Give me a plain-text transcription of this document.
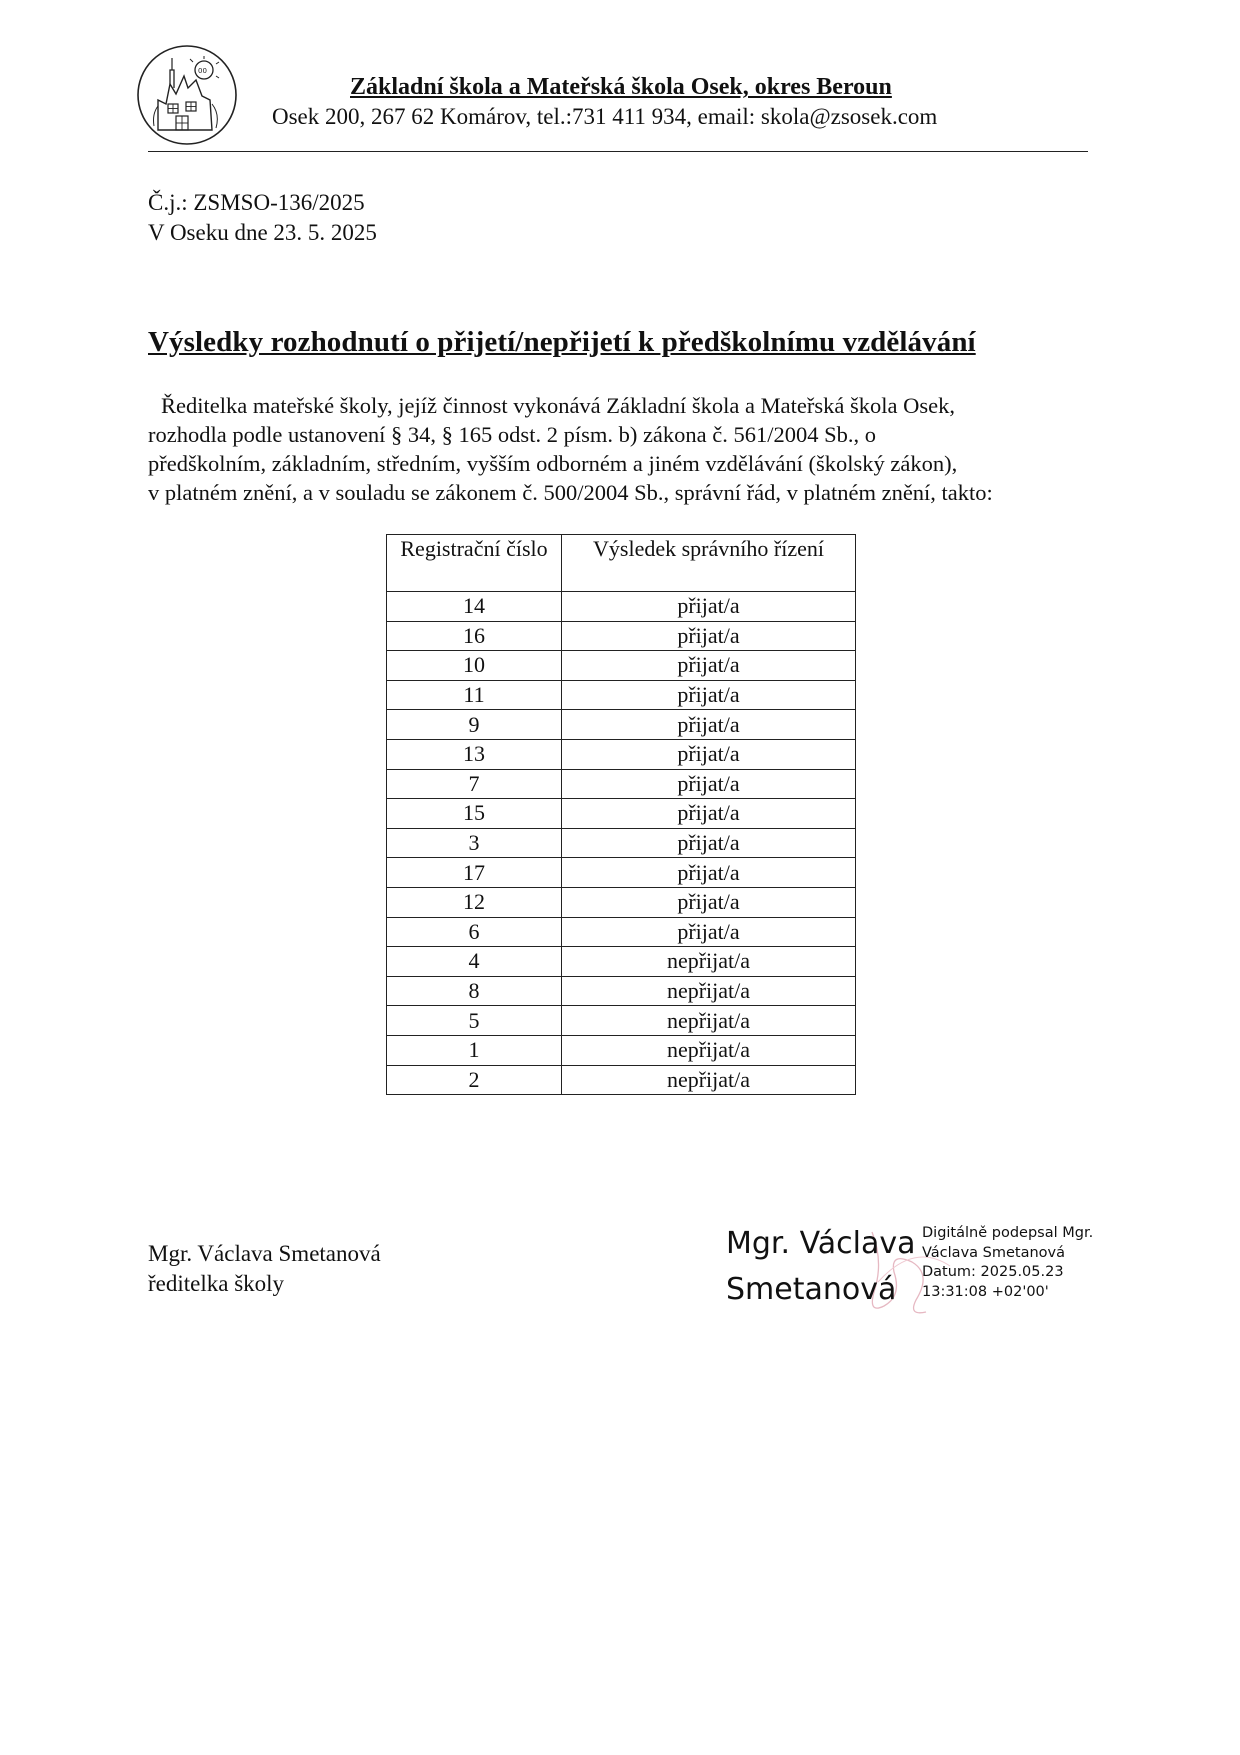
00
Základní škola a Mateřská škola Osek, okres Beroun
Osek 200, 267 62 Komárov, tel.:731 411 934, email: skola@zsosek.com
Č.j.: ZSMSO-136/2025
V Oseku dne 23. 5. 2025
Výsledky rozhodnutí o přijetí/nepřijetí k předškolnímu vzdělávání
Ředitelka mateřské školy, jejíž činnost vykonává Základní škola a Mateřská škola Osek,
rozhodla podle ustanovení § 34, § 165 odst. 2 písm. b) zákona č. 561/2004 Sb., o
předškolním, základním, středním, vyšším odborném a jiném vzdělávání (školský zákon),
v platném znění, a v souladu se zákonem č. 500/2004 Sb., správní řád, v platném znění, takto:
Registrační číslo	Výsledek správního řízení
14	přijat/a
16	přijat/a
10	přijat/a
11	přijat/a
9	přijat/a
13	přijat/a
7	přijat/a
15	přijat/a
3	přijat/a
17	přijat/a
12	přijat/a
6	přijat/a
4	nepřijat/a
8	nepřijat/a
5	nepřijat/a
1	nepřijat/a
2	nepřijat/a
Mgr. Václava Smetanová
ředitelka školy
Mgr. Václava
Smetanová
Digitálně podepsal Mgr.
Václava Smetanová
Datum: 2025.05.23
13:31:08 +02'00'
